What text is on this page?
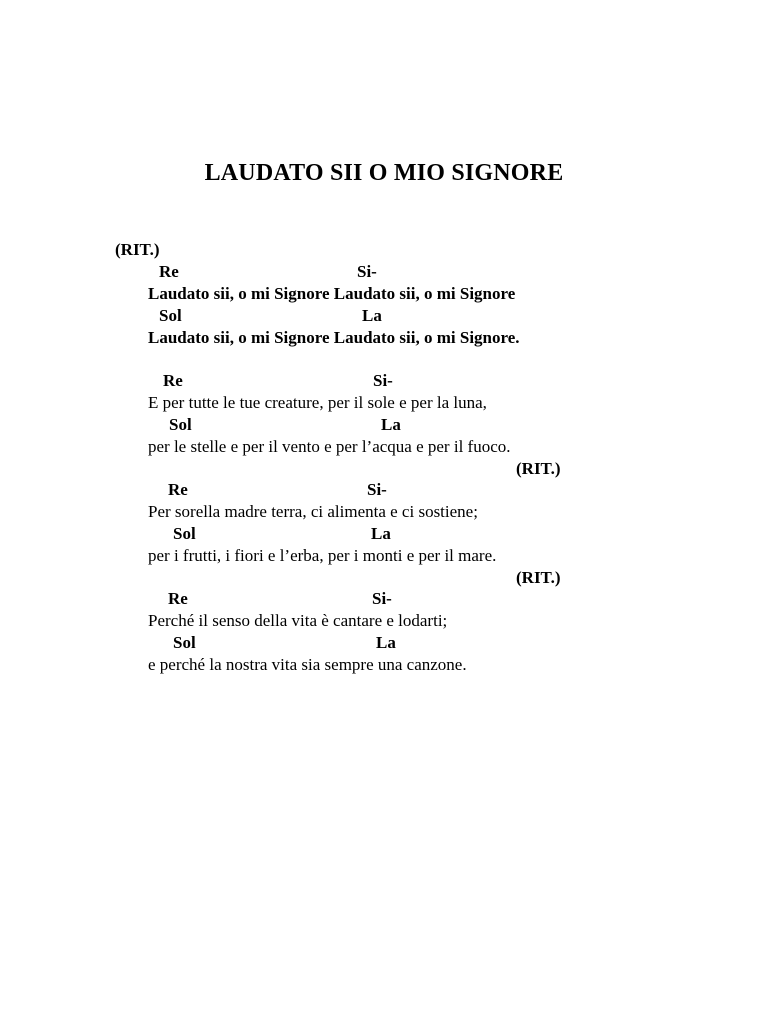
LAUDATO SII O MIO SIGNORE
(RIT.)
Re	Si-
Laudato sii, o mi Signore Laudato sii, o mi Signore
Sol	La
Laudato sii, o mi Signore Laudato sii, o mi Signore.
Re	Si-
E per tutte le tue creature, per il sole e per la luna,
Sol	La
per le stelle e per il vento e per l’acqua e per il fuoco.
(RIT.)
Re	Si-
Per sorella madre terra, ci alimenta e ci sostiene;
Sol	La
per i frutti, i fiori e l’erba, per i monti e per il mare.
(RIT.)
Re	Si-
Perché il senso della vita è cantare e lodarti;
Sol	La
e perché la nostra vita sia sempre una canzone.
